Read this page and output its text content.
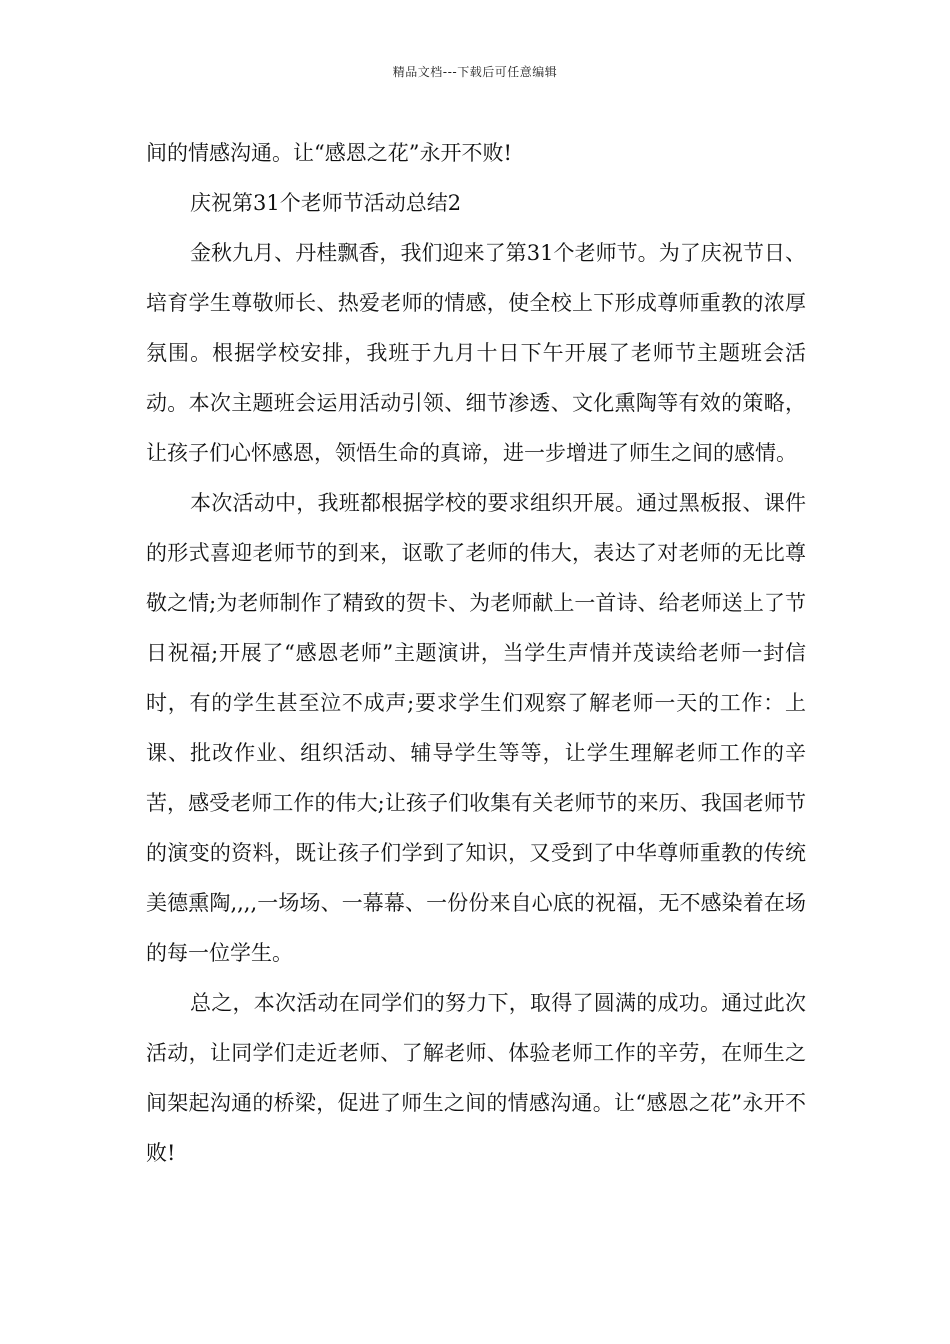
精品文档---下载后可任意编辑

间的情感沟通。让“感恩之花”永开不败!

庆祝第31个老师节活动总结2

金秋九月、丹桂飘香，我们迎来了第31个老师节。为了庆祝节日、培育学生尊敬师长、热爱老师的情感，使全校上下形成尊师重教的浓厚氛围。根据学校安排，我班于九月十日下午开展了老师节主题班会活动。本次主题班会运用活动引领、细节渗透、文化熏陶等有效的策略，让孩子们心怀感恩，领悟生命的真谛，进一步增进了师生之间的感情。

本次活动中，我班都根据学校的要求组织开展。通过黑板报、课件的形式喜迎老师节的到来，讴歌了老师的伟大，表达了对老师的无比尊敬之情;为老师制作了精致的贺卡、为老师献上一首诗、给老师送上了节日祝福;开展了“感恩老师”主题演讲，当学生声情并茂读给老师一封信时，有的学生甚至泣不成声;要求学生们观察了解老师一天的工作：上课、批改作业、组织活动、辅导学生等等，让学生理解老师工作的辛苦，感受老师工作的伟大;让孩子们收集有关老师节的来历、我国老师节的演变的资料，既让孩子们学到了知识，又受到了中华尊师重教的传统美德熏陶,,,,一场场、一幕幕、一份份来自心底的祝福，无不感染着在场的每一位学生。

总之，本次活动在同学们的努力下，取得了圆满的成功。通过此次活动，让同学们走近老师、了解老师、体验老师工作的辛劳，在师生之间架起沟通的桥梁，促进了师生之间的情感沟通。让“感恩之花”永开不败!
